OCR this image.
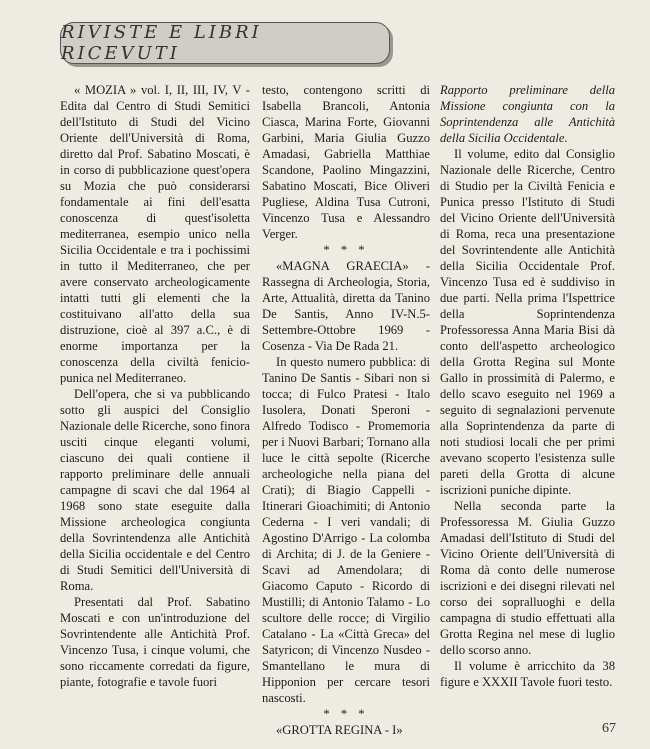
RIVISTE E LIBRI RICEVUTI

« MOZIA » vol. I, II, III, IV, V - Edita dal Centro di Studi Semitici dell'Istituto di Studi del Vicino Oriente dell'Università di Roma, diretto dal Prof. Sabatino Moscati, è in corso di pubblicazione quest'opera su Mozia che può considerarsi fondamentale ai fini dell'esatta conoscenza di quest'isoletta mediterranea, esempio unico nella Sicilia Occidentale e tra i pochissimi in tutto il Mediterraneo, che per avere conservato archeologicamente intatti tutti gli elementi che la costituivano all'atto della sua distruzione, cioè al 397 a.C., è di enorme importanza per la conoscenza della civiltà fenicio-punica nel Mediterraneo.

Dell'opera, che si va pubblicando sotto gli auspici del Consiglio Nazionale delle Ricerche, sono finora usciti cinque eleganti volumi, ciascuno dei quali contiene il rapporto preliminare delle annuali campagne di scavi che dal 1964 al 1968 sono state eseguite dalla Missione archeologica congiunta della Sovrintendenza alle Antichità della Sicilia occidentale e del Centro di Studi Semitici dell'Università di Roma.

Presentati dal Prof. Sabatino Moscati e con un'introduzione del Sovrintendente alle Antichità Prof. Vincenzo Tusa, i cinque volumi, che sono riccamente corredati da figure, piante, fotografie e tavole fuori

testo, contengono scritti di Isabella Brancoli, Antonia Ciasca, Marina Forte, Giovanni Garbini, Maria Giulia Guzzo Amadasi, Gabriella Matthiae Scandone, Paolino Mingazzini, Sabatino Moscati, Bice Oliveri Pugliese, Aldina Tusa Cutroni, Vincenzo Tusa e Alessandro Verger.

* * *

«MAGNA GRAECIA» - Rassegna di Archeologia, Storia, Arte, Attualità, diretta da Tanino De Santis, Anno IV-N.5-Settembre-Ottobre 1969 - Cosenza - Via De Rada 21.

In questo numero pubblica: di Tanino De Santis - Sibari non si tocca; di Fulco Pratesi - Italo Iusolera, Donati Speroni - Alfredo Todisco - Promemoria per i Nuovi Barbari; Tornano alla luce le città sepolte (Ricerche archeologiche nella piana del Crati); di Biagio Cappelli - Itinerari Gioachimiti; di Antonio Cederna - I veri vandali; di Agostino D'Arrigo - La colomba di Archita; di J. de la Geniere - Scavi ad Amendolara; di Giacomo Caputo - Ricordo di Mustilli; di Antonio Talamo - Lo scultore delle rocce; di Virgilio Catalano - La «Città Greca» del Satyricon; di Vincenzo Nusdeo - Smantellano le mura di Hipponion per cercare tesori nascosti.

* * *

«GROTTA REGINA - I»

Rapporto preliminare della Missione congiunta con la Soprintendenza alle Antichità della Sicilia Occidentale.

Il volume, edito dal Consiglio Nazionale delle Ricerche, Centro di Studio per la Civiltà Fenicia e Punica presso l'Istituto di Studi del Vicino Oriente dell'Università di Roma, reca una presentazione del Sovrintendente alle Antichità della Sicilia Occidentale Prof. Vincenzo Tusa ed è suddiviso in due parti. Nella prima l'Ispettrice della Soprintendenza Professoressa Anna Maria Bisi dà conto dell'aspetto archeologico della Grotta Regina sul Monte Gallo in prossimità di Palermo, e dello scavo eseguito nel 1969 a seguito di segnalazioni pervenute alla Soprintendenza da parte di noti studiosi locali che per primi avevano scoperto l'esistenza sulle pareti della Grotta di alcune iscrizioni puniche dipinte.

Nella seconda parte la Professoressa M. Giulia Guzzo Amadasi dell'Istituto di Studi del Vicino Oriente dell'Università di Roma dà conto delle numerose iscrizioni e dei disegni rilevati nel corso dei sopralluoghi e della campagna di studio effettuati alla Grotta Regina nel mese di luglio dello scorso anno.

Il volume è arricchito da 38 figure e XXXII Tavole fuori testo.

67
